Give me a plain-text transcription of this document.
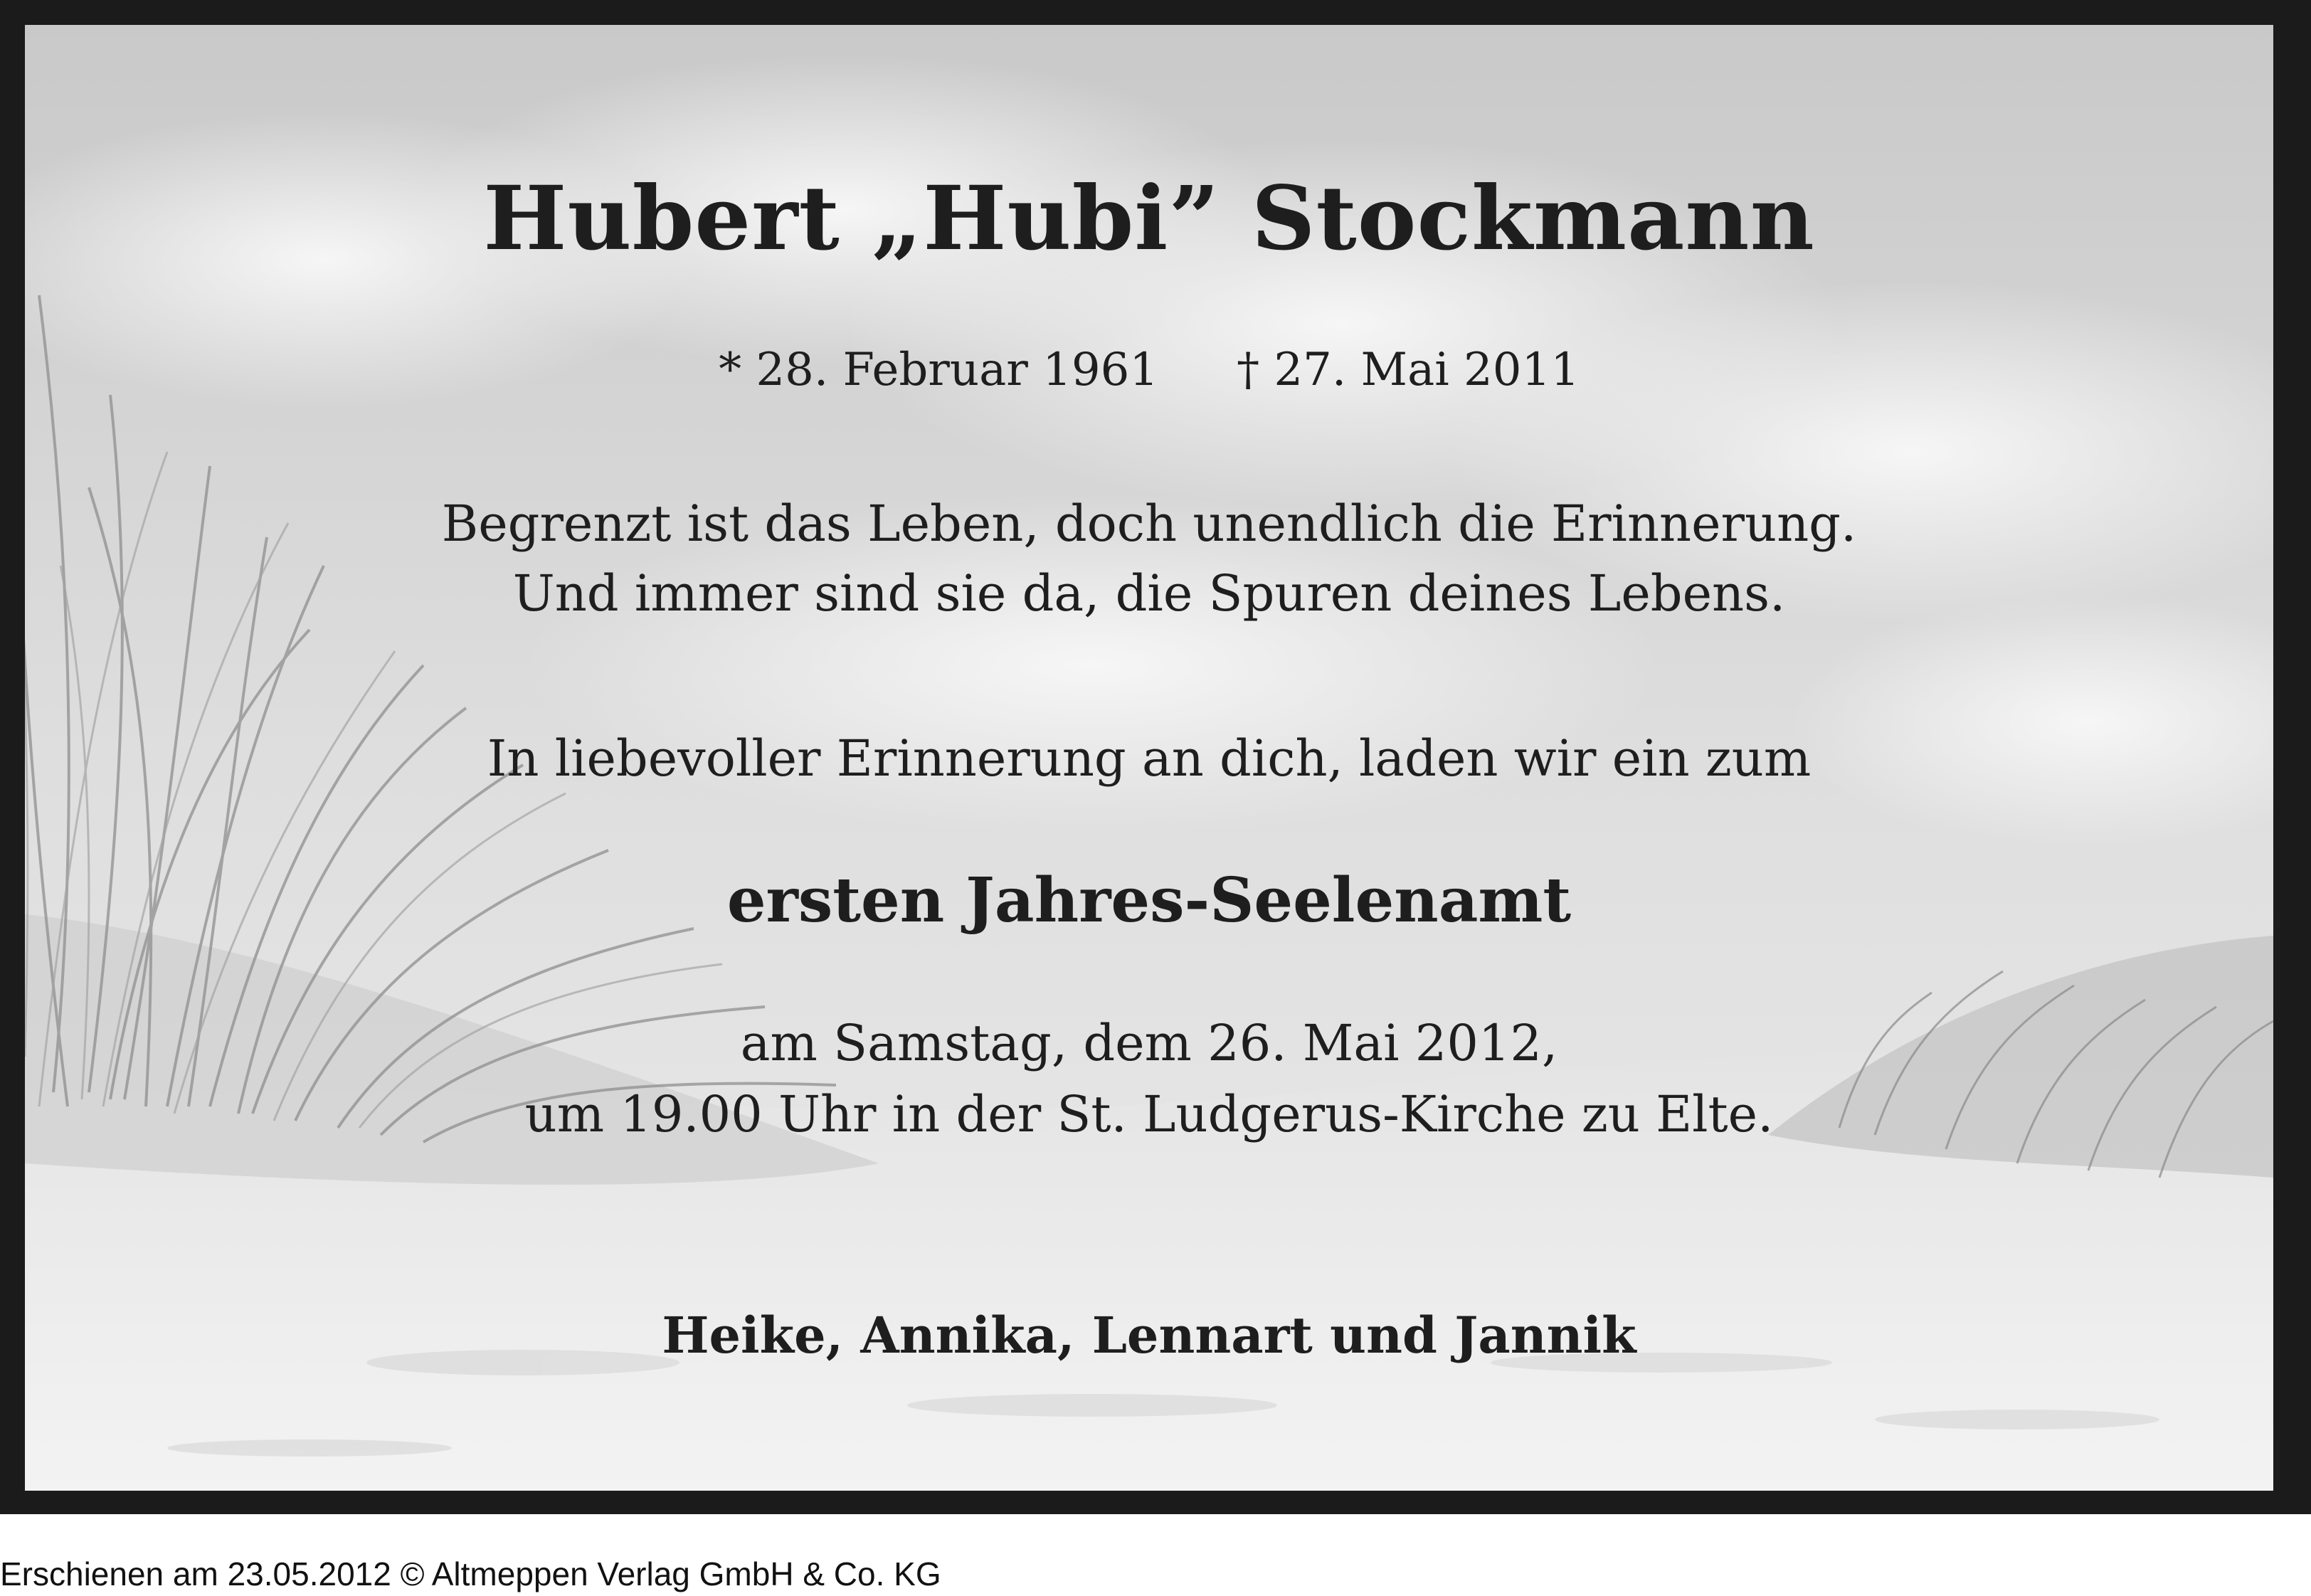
Hubert „Hubi” Stockmann
* 28. Februar 1961 † 27. Mai 2011
Begrenzt ist das Leben, doch unendlich die Erinnerung.
Und immer sind sie da, die Spuren deines Lebens.
In liebevoller Erinnerung an dich, laden wir ein zum
ersten Jahres-Seelenamt
am Samstag, dem 26. Mai 2012,
um 19.00 Uhr in der St. Ludgerus-Kirche zu Elte.
Heike, Annika, Lennart und Jannik
Erschienen am 23.05.2012 © Altmeppen Verlag GmbH & Co. KG
